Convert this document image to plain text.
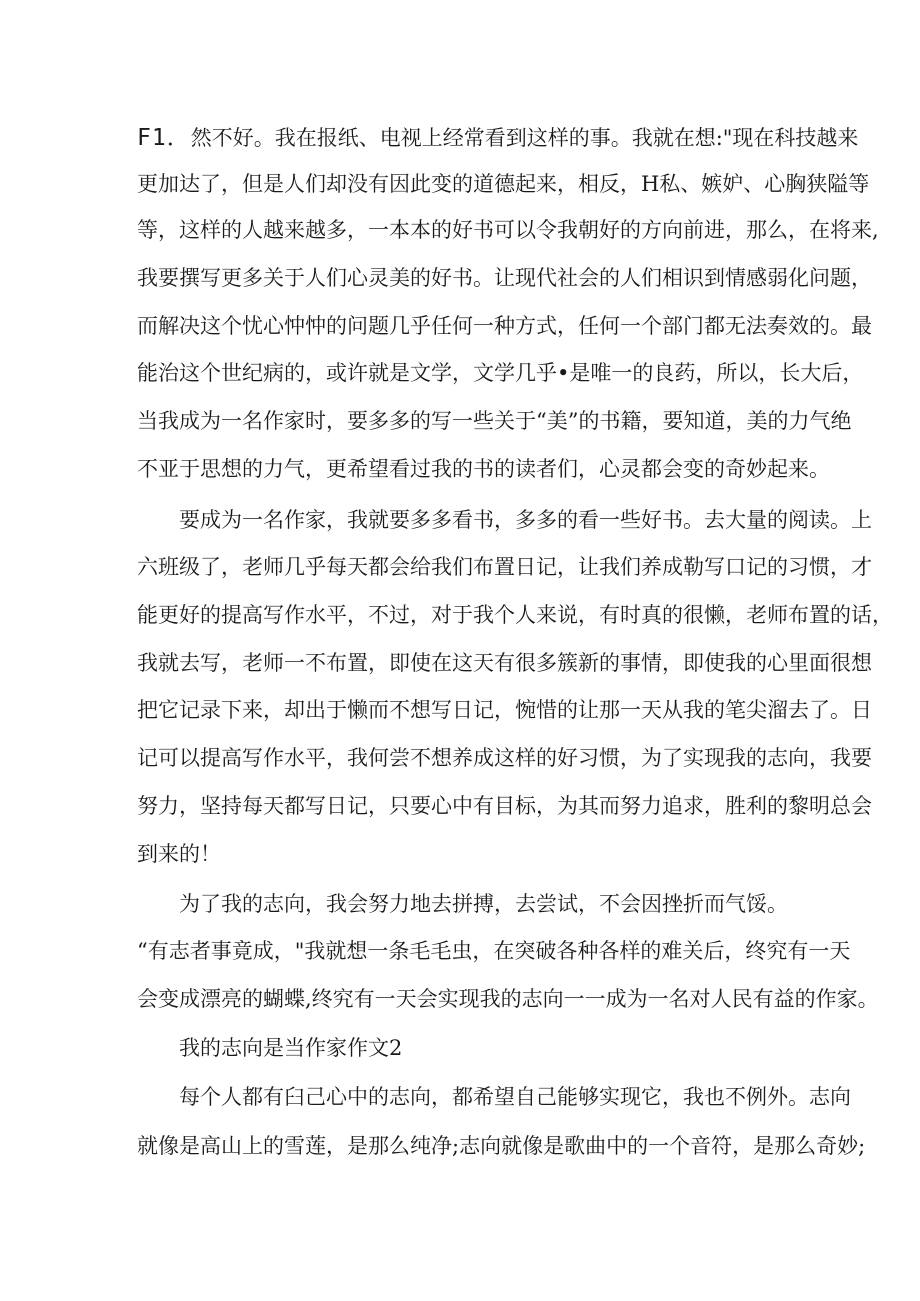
F1．然不好。我在报纸、电视上经常看到这样的事。我就在想:"现在科技越来
更加达了，但是人们却没有因此变的道德起来，相反，H私、嫉妒、心胸狭隘等
等，这样的人越来越多，一本本的好书可以令我朝好的方向前进，那么，在将来,
我要撰写更多关于人们心灵美的好书。让现代社会的人们相识到情感弱化问题，
而解决这个忧心忡忡的问题几乎任何一种方式，任何一个部门都无法奏效的。最
能治这个世纪病的，或许就是文学，文学几乎•是唯一的良药，所以，长大后，
当我成为一名作家时，要多多的写一些关于“美”的书籍，要知道，美的力气绝
不亚于思想的力气，更希望看过我的书的读者们，心灵都会变的奇妙起来。
要成为一名作家，我就要多多看书，多多的看一些好书。去大量的阅读。上
六班级了，老师几乎每天都会给我们布置日记，让我们养成勒写口记的习惯，才
能更好的提高写作水平，不过，对于我个人来说，有时真的很懒，老师布置的话，
我就去写，老师一不布置，即使在这天有很多簇新的事情，即使我的心里面很想
把它记录下来，却出于懒而不想写日记，惋惜的让那一天从我的笔尖溜去了。日
记可以提高写作水平，我何尝不想养成这样的好习惯，为了实现我的志向，我要
努力，坚持每天都写日记，只要心中有目标，为其而努力追求，胜利的黎明总会
到来的！
为了我的志向，我会努力地去拼搏，去尝试，不会因挫折而气馁。
“有志者事竟成，"我就想一条毛毛虫，在突破各种各样的难关后，终究有一天
会变成漂亮的蝴蝶,终究有一天会实现我的志向一一成为一名对人民有益的作家。
我的志向是当作家作文2
每个人都有臼己心中的志向，都希望自己能够实现它，我也不例外。志向
就像是高山上的雪莲，是那么纯净;志向就像是歌曲中的一个音符，是那么奇妙;
